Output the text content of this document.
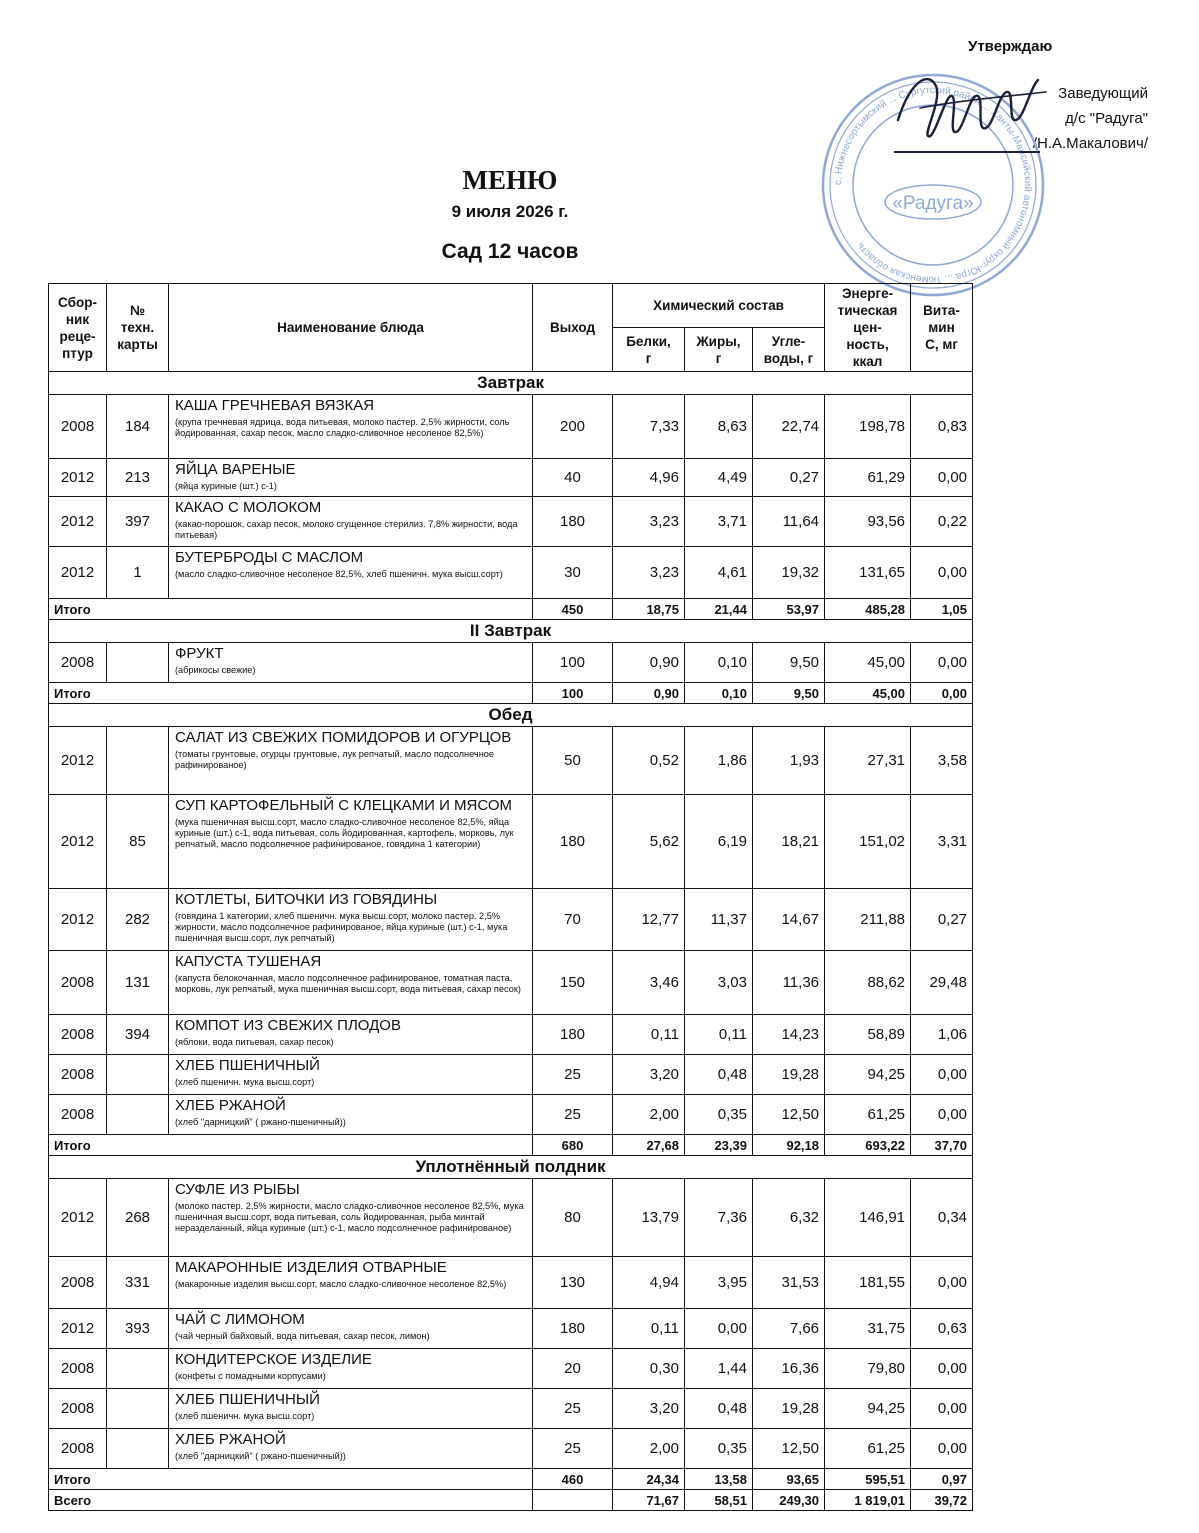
Утверждаю
Заведующий
д/с "Радуга"
/Н.А.Макалович/
с. Нижнесортымский ... Сургутский район ... Ханты-Мансийский автономный округ-Югра ... Тюменская область
«Радуга»
МЕНЮ
9 июля 2026 г.
Сад 12 часов
Сбор-
ник
реце-
птур	№
техн.
карты	Наименование блюда	Выход	Химический состав			Энерге-
тическая
цен-
ность,
ккал	Вита-
мин
С, мг
				Белки,
г	Жиры,
г	Угле-
воды, г		
Завтрак								
2008	184	КАША ГРЕЧНЕВАЯ ВЯЗКАЯ
(крупа гречневая ядрица, вода питьевая, молоко пастер. 2,5% жирности, соль йодированная, сахар песок, масло сладко-сливочное несоленое 82,5%)	200	7,33	8,63	22,74	198,78	0,83
2012	213	ЯЙЦА ВАРЕНЫЕ
(яйца куриные (шт.) с-1)	40	4,96	4,49	0,27	61,29	0,00
2012	397	КАКАО С МОЛОКОМ
(какао-порошок, сахар песок, молоко сгущенное стерилиз. 7,8% жирности, вода питьевая)	180	3,23	3,71	11,64	93,56	0,22
2012	1	БУТЕРБРОДЫ С МАСЛОМ
(масло сладко-сливочное несоленое 82,5%, хлеб пшеничн. мука высш.сорт)	30	3,23	4,61	19,32	131,65	0,00
Итого			450	18,75	21,44	53,97	485,28	1,05
II Завтрак								
2008		ФРУКТ
(абрикосы свежие)	100	0,90	0,10	9,50	45,00	0,00
Итого			100	0,90	0,10	9,50	45,00	0,00
Обед								
2012		САЛАТ ИЗ СВЕЖИХ ПОМИДОРОВ И ОГУРЦОВ
(томаты грунтовые, огурцы грунтовые, лук репчатый, масло подсолнечное рафинированое)	50	0,52	1,86	1,93	27,31	3,58
2012	85	СУП КАРТОФЕЛЬНЫЙ С КЛЕЦКАМИ И МЯСОМ
(мука пшеничная высш.сорт, масло сладко-сливочное несоленое 82,5%, яйца куриные (шт.) с-1, вода питьевая, соль йодированная, картофель, морковь, лук репчатый, масло подсолнечное рафинированое, говядина 1 категории)	180	5,62	6,19	18,21	151,02	3,31
2012	282	КОТЛЕТЫ, БИТОЧКИ ИЗ ГОВЯДИНЫ
(говядина 1 категории, хлеб пшеничн. мука высш.сорт, молоко пастер. 2,5% жирности, масло подсолнечное рафинированое, яйца куриные (шт.) с-1, мука пшеничная высш.сорт, лук репчатый)	70	12,77	11,37	14,67	211,88	0,27
2008	131	КАПУСТА ТУШЕНАЯ
(капуста белокочанная, масло подсолнечное рафинированое, томатная паста, морковь, лук репчатый, мука пшеничная высш.сорт, вода питьевая, сахар песок)	150	3,46	3,03	11,36	88,62	29,48
2008	394	КОМПОТ ИЗ СВЕЖИХ ПЛОДОВ
(яблоки, вода питьевая, сахар песок)	180	0,11	0,11	14,23	58,89	1,06
2008		ХЛЕБ ПШЕНИЧНЫЙ
(хлеб пшеничн. мука высш.сорт)	25	3,20	0,48	19,28	94,25	0,00
2008		ХЛЕБ РЖАНОЙ
(хлеб "дарницкий" ( ржано-пшеничный))	25	2,00	0,35	12,50	61,25	0,00
Итого			680	27,68	23,39	92,18	693,22	37,70
Уплотнённый полдник								
2012	268	СУФЛЕ ИЗ РЫБЫ
(молоко пастер. 2,5% жирности, масло сладко-сливочное несоленое 82,5%, мука пшеничная высш.сорт, вода питьевая, соль йодированная, рыба минтай неразделанный, яйца куриные (шт.) с-1, масло подсолнечное рафинированое)	80	13,79	7,36	6,32	146,91	0,34
2008	331	МАКАРОННЫЕ ИЗДЕЛИЯ ОТВАРНЫЕ
(макаронные изделия высш.сорт, масло сладко-сливочное несоленое 82,5%)	130	4,94	3,95	31,53	181,55	0,00
2012	393	ЧАЙ С ЛИМОНОМ
(чай черный байховый, вода питьевая, сахар песок, лимон)	180	0,11	0,00	7,66	31,75	0,63
2008		КОНДИТЕРСКОЕ ИЗДЕЛИЕ
(конфеты с помадными корпусами)	20	0,30	1,44	16,36	79,80	0,00
2008		ХЛЕБ ПШЕНИЧНЫЙ
(хлеб пшеничн. мука высш.сорт)	25	3,20	0,48	19,28	94,25	0,00
2008		ХЛЕБ РЖАНОЙ
(хлеб "дарницкий" ( ржано-пшеничный))	25	2,00	0,35	12,50	61,25	0,00
Итого			460	24,34	13,58	93,65	595,51	0,97
Всего				71,67	58,51	249,30	1 819,01	39,72
